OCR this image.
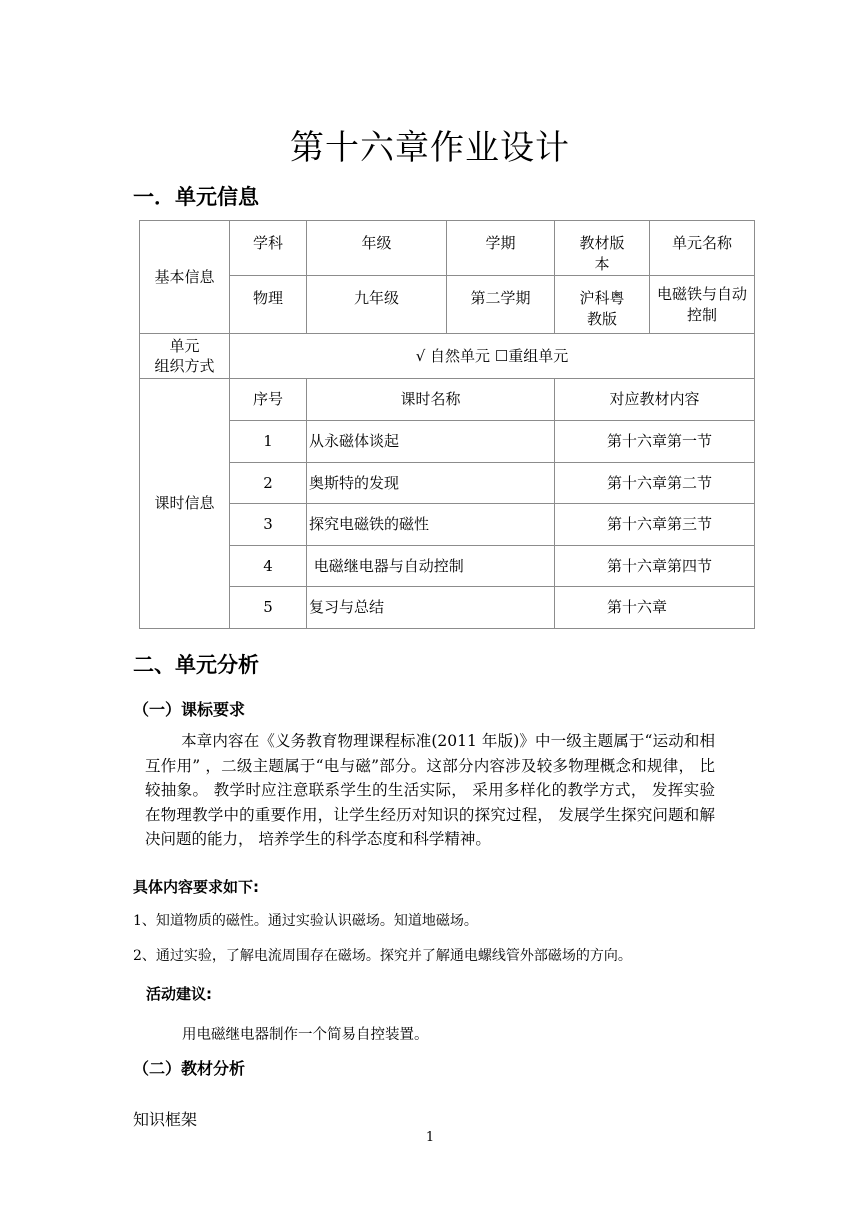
第十六章作业设计
一．单元信息
基本信息	学科	年级	学期	教材版本	单元名称
	物理	九年级	第二学期	沪科粤教版	电磁铁与自动控制

单元
组织方式	√ 自然单元 ☐重组单元				
课时信息	序号	课时名称		对应教材内容	
	1	从永磁体谈起		第十六章第一节	
	2	奥斯特的发现		第十六章第二节	
	3	探究电磁铁的磁性		第十六章第三节	
	4	电磁继电器与自动控制		第十六章第四节	
	5	复习与总结		第十六章	
二、单元分析
（一）课标要求
本章内容在《义务教育物理课程标准(2011 年版)》中一级主题属于“运动和相互作用” ，二级主题属于“电与磁”部分。这部分内容涉及较多物理概念和规律， 比较抽象。 教学时应注意联系学生的生活实际， 采用多样化的教学方式， 发挥实验在物理教学中的重要作用，让学生经历对知识的探究过程， 发展学生探究问题和解决问题的能力， 培养学生的科学态度和科学精神。
具体内容要求如下:
1、知道物质的磁性。通过实验认识磁场。知道地磁场。
2、通过实验，了解电流周围存在磁场。探究并了解通电螺线管外部磁场的方向。
活动建议:
用电磁继电器制作一个简易自控装置。
（二）教材分析
知识框架
1
